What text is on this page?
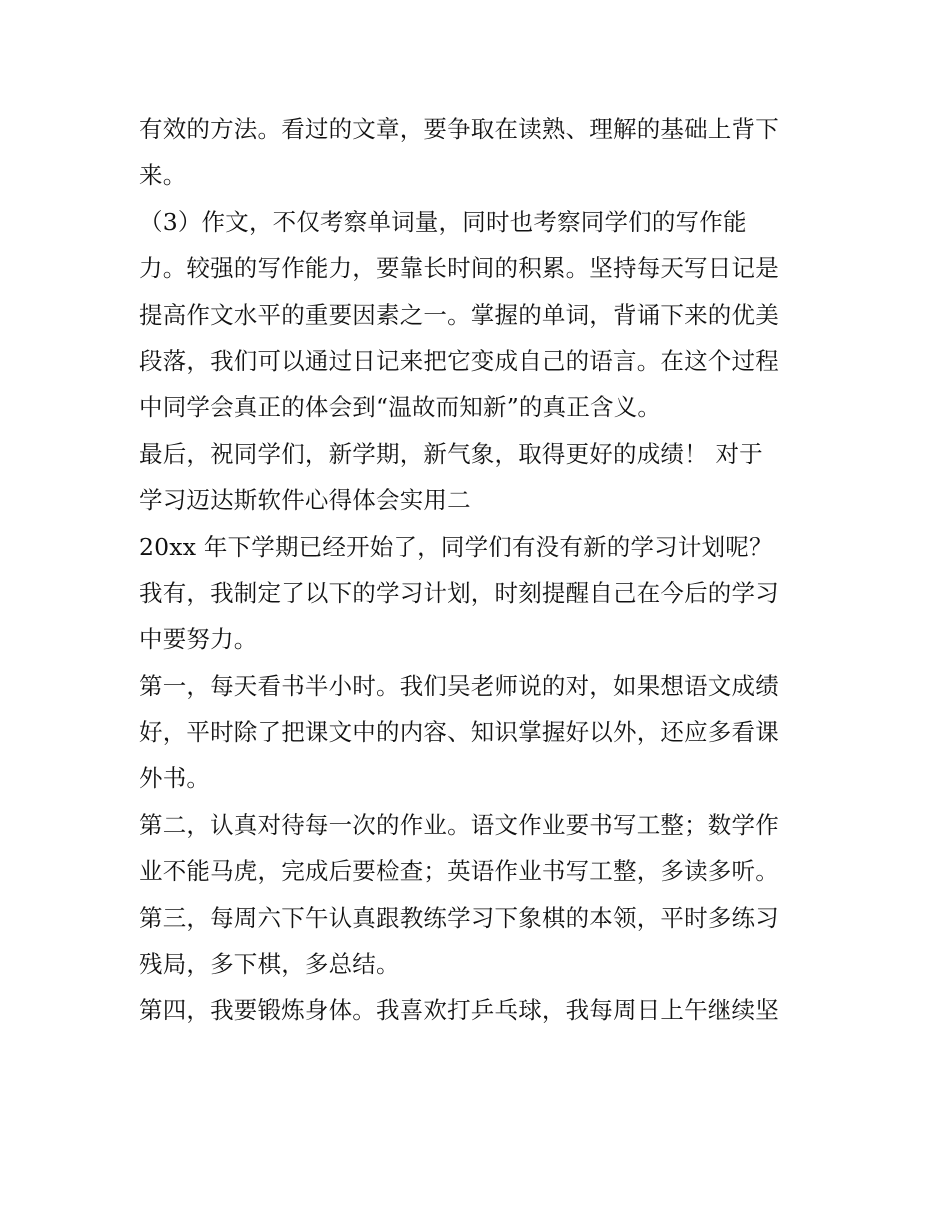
有效的方法。看过的文章，要争取在读熟、理解的基础上背下
来。
（3）作文，不仅考察单词量，同时也考察同学们的写作能
力。较强的写作能力，要靠长时间的积累。坚持每天写日记是
提高作文水平的重要因素之一。掌握的单词，背诵下来的优美
段落，我们可以通过日记来把它变成自己的语言。在这个过程
中同学会真正的体会到“温故而知新”的真正含义。
最后，祝同学们，新学期，新气象，取得更好的成绩！ 对于
学习迈达斯软件心得体会实用二
20xx 年下学期已经开始了，同学们有没有新的学习计划呢？
我有，我制定了以下的学习计划，时刻提醒自己在今后的学习
中要努力。
第一，每天看书半小时。我们吴老师说的对，如果想语文成绩
好，平时除了把课文中的内容、知识掌握好以外，还应多看课
外书。
第二，认真对待每一次的作业。语文作业要书写工整；数学作
业不能马虎，完成后要检查；英语作业书写工整，多读多听。
第三，每周六下午认真跟教练学习下象棋的本领，平时多练习
残局，多下棋，多总结。
第四，我要锻炼身体。我喜欢打乒乓球，我每周日上午继续坚
